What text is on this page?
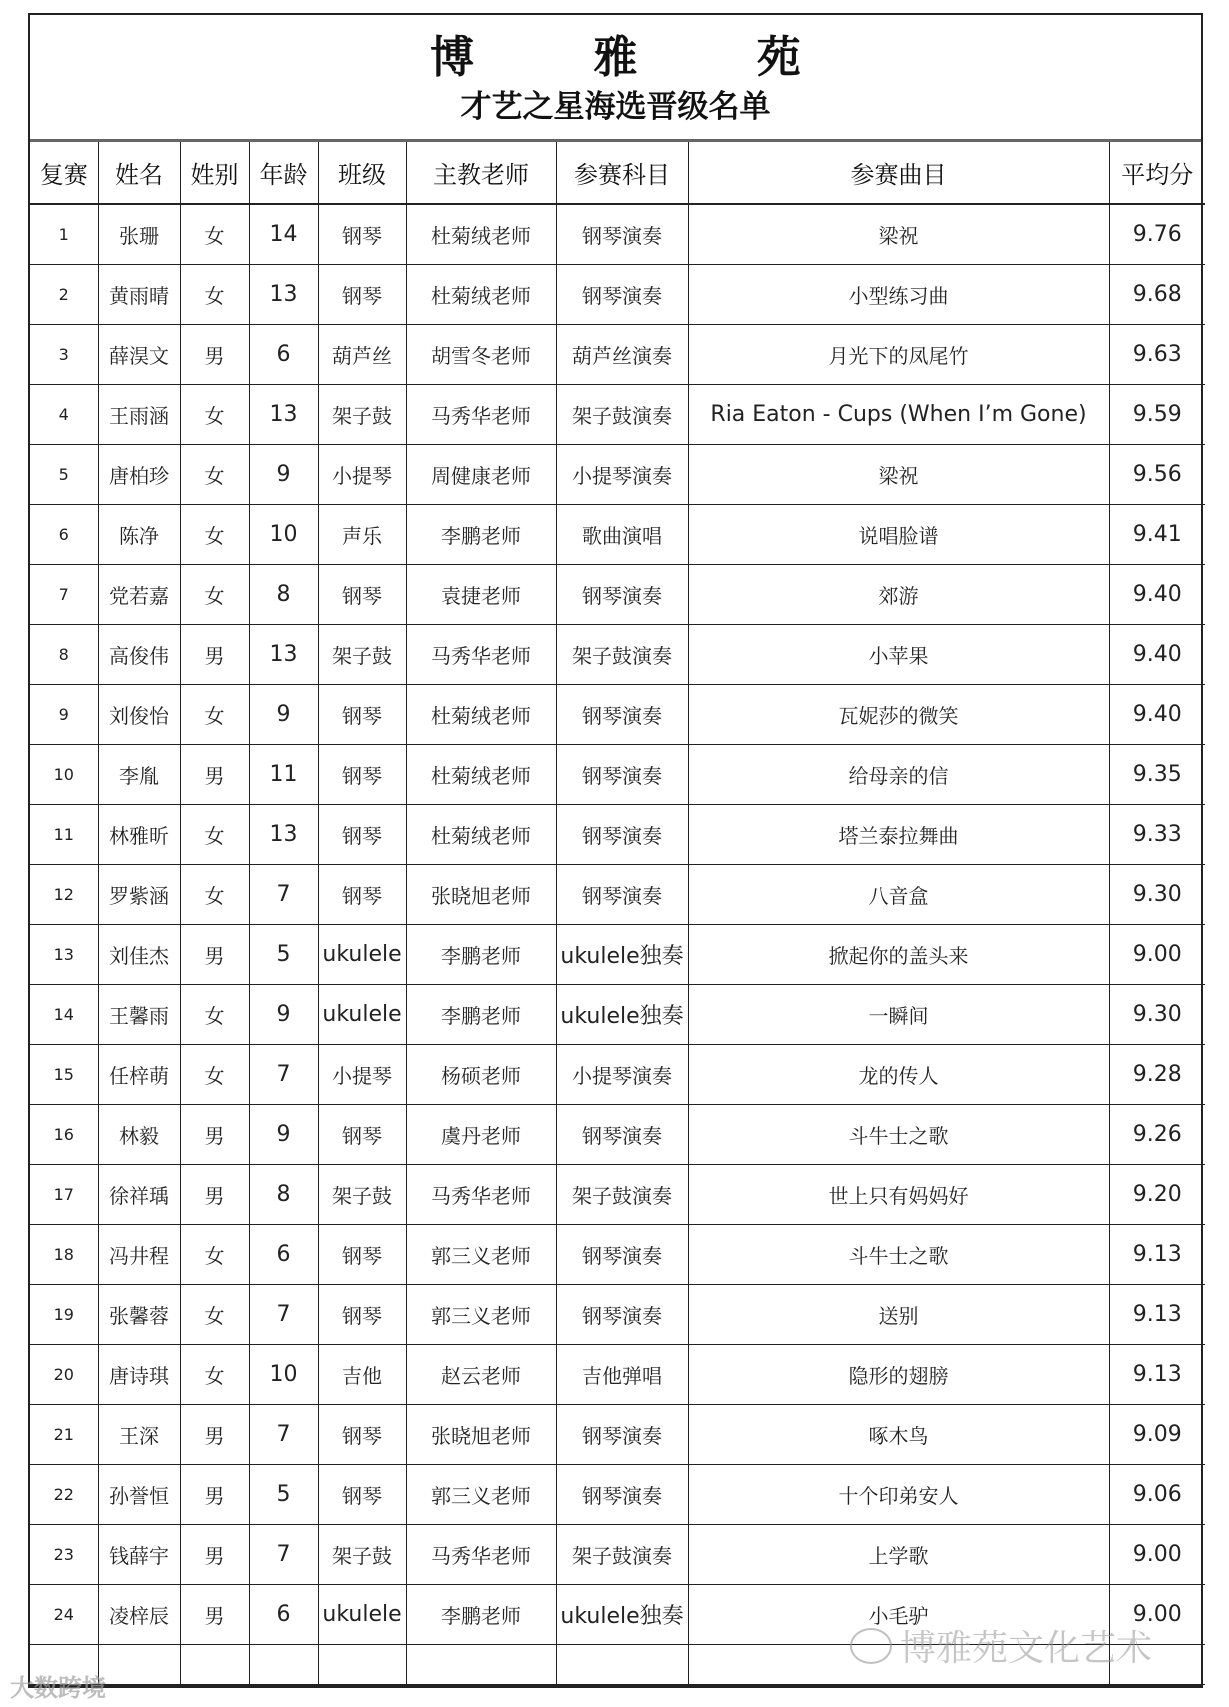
博 雅 苑
才艺之星海选晋级名单
复赛	姓名	姓别	年龄	班级	主教老师	参赛科目	参赛曲目	平均分
1	张珊	女	14	钢琴	杜菊绒老师	钢琴演奏	梁祝	9.76
2	黄雨晴	女	13	钢琴	杜菊绒老师	钢琴演奏	小型练习曲	9.68
3	薛淏文	男	6	葫芦丝	胡雪冬老师	葫芦丝演奏	月光下的凤尾竹	9.63
4	王雨涵	女	13	架子鼓	马秀华老师	架子鼓演奏	Ria Eaton - Cups (When I’m Gone)	9.59
5	唐柏珍	女	9	小提琴	周健康老师	小提琴演奏	梁祝	9.56
6	陈净	女	10	声乐	李鹏老师	歌曲演唱	说唱脸谱	9.41
7	党若嘉	女	8	钢琴	袁捷老师	钢琴演奏	郊游	9.40
8	高俊伟	男	13	架子鼓	马秀华老师	架子鼓演奏	小苹果	9.40
9	刘俊怡	女	9	钢琴	杜菊绒老师	钢琴演奏	瓦妮莎的微笑	9.40
10	李胤	男	11	钢琴	杜菊绒老师	钢琴演奏	给母亲的信	9.35
11	林雅昕	女	13	钢琴	杜菊绒老师	钢琴演奏	塔兰泰拉舞曲	9.33
12	罗紫涵	女	7	钢琴	张晓旭老师	钢琴演奏	八音盒	9.30
13	刘佳杰	男	5	ukulele	李鹏老师	ukulele独奏	掀起你的盖头来	9.00
14	王馨雨	女	9	ukulele	李鹏老师	ukulele独奏	一瞬间	9.30
15	任梓萌	女	7	小提琴	杨硕老师	小提琴演奏	龙的传人	9.28
16	林毅	男	9	钢琴	虞丹老师	钢琴演奏	斗牛士之歌	9.26
17	徐祥瑀	男	8	架子鼓	马秀华老师	架子鼓演奏	世上只有妈妈好	9.20
18	冯井程	女	6	钢琴	郭三义老师	钢琴演奏	斗牛士之歌	9.13
19	张馨蓉	女	7	钢琴	郭三义老师	钢琴演奏	送别	9.13
20	唐诗琪	女	10	吉他	赵云老师	吉他弹唱	隐形的翅膀	9.13
21	王深	男	7	钢琴	张晓旭老师	钢琴演奏	啄木鸟	9.09
22	孙誉恒	男	5	钢琴	郭三义老师	钢琴演奏	十个印弟安人	9.06
23	钱薛宇	男	7	架子鼓	马秀华老师	架子鼓演奏	上学歌	9.00
24	凌梓辰	男	6	ukulele	李鹏老师	ukulele独奏	小毛驴	9.00

博雅苑文化艺术
大数跨境
